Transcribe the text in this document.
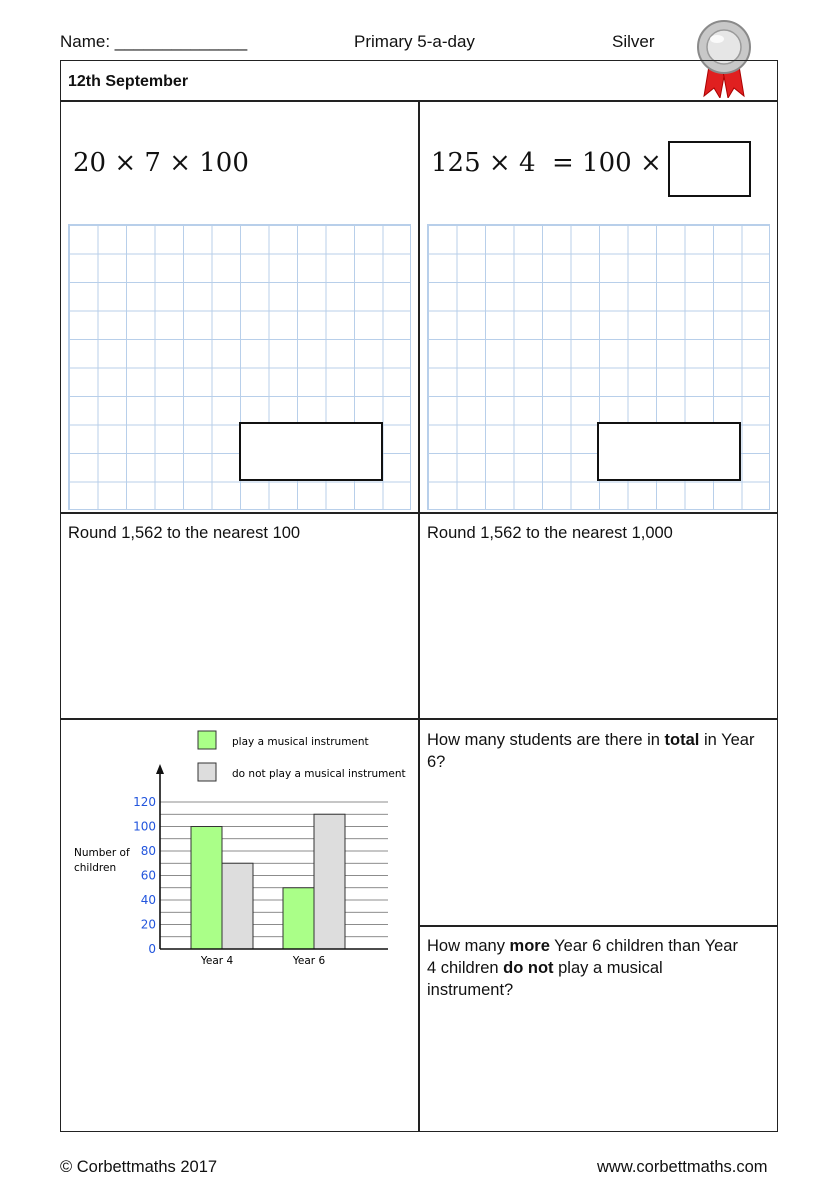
Name: ______________	Primary 5-a-day	Silver
12th September
20 × 7 × 100	125 × 4  = 100 ×
Round 1,562 to the nearest 100	Round 1,562 to the nearest 1,000
play a musical instrument
do not play a musical instrument
Number of
children
0
20
40
60
80
100
120
Year 4	Year 6
How many students are there in total in Year 6?
How many more Year 6 children than Year 4 children do not play a musical instrument?
© Corbettmaths 2017	www.corbettmaths.com
